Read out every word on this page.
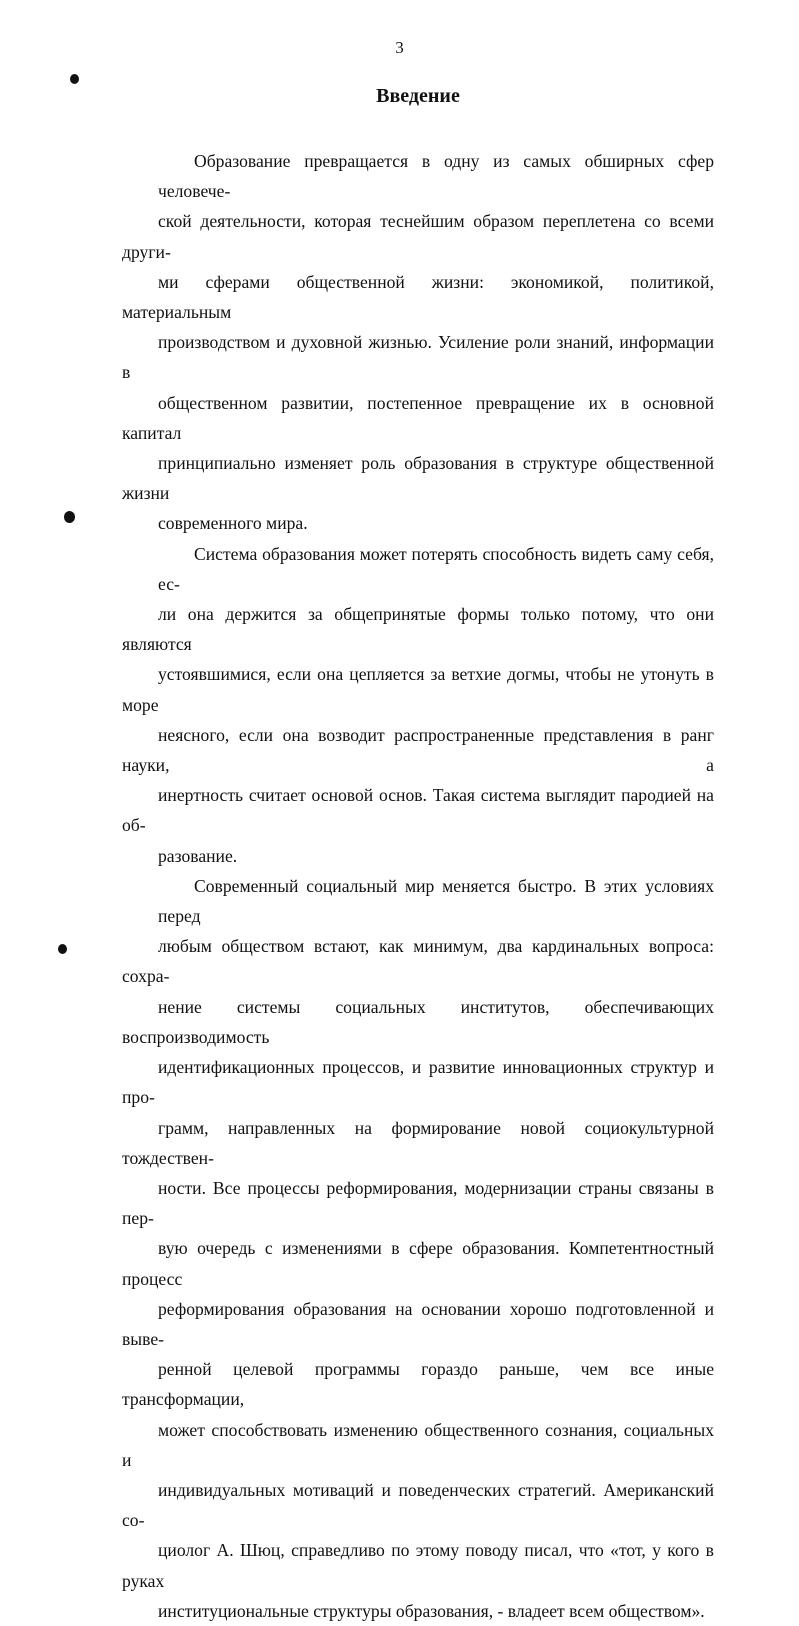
3
Введение
Образование превращается в одну из самых обширных сфер человече-
ской деятельности, которая теснейшим образом переплетена со всеми други-
ми сферами общественной жизни: экономикой, политикой, материальным
производством и духовной жизнью. Усиление роли знаний, информации в
общественном развитии, постепенное превращение их в основной капитал
принципиально изменяет роль образования в структуре общественной жизни
современного мира.
Система образования может потерять способность видеть саму себя, ес-
ли она держится за общепринятые формы только потому, что они являются
устоявшимися, если она цепляется за ветхие догмы, чтобы не утонуть в море
неясного, если она возводит распространенные представления в ранг науки, а
инертность считает основой основ. Такая система выглядит пародией на об-
разование.
Современный социальный мир меняется быстро. В этих условиях перед
любым обществом встают, как минимум, два кардинальных вопроса: сохра-
нение системы социальных институтов, обеспечивающих воспроизводимость
идентификационных процессов, и развитие инновационных структур и про-
грамм, направленных на формирование новой социокультурной тождествен-
ности. Все процессы реформирования, модернизации страны связаны в пер-
вую очередь с изменениями в сфере образования. Компетентностный процесс
реформирования образования на основании хорошо подготовленной и выве-
ренной целевой программы гораздо раньше, чем все иные трансформации,
может способствовать изменению общественного сознания, социальных и
индивидуальных мотиваций и поведенческих стратегий. Американский со-
циолог А. Шюц, справедливо по этому поводу писал, что «тот, у кого в руках
институциональные структуры образования, - владеет всем обществом».
